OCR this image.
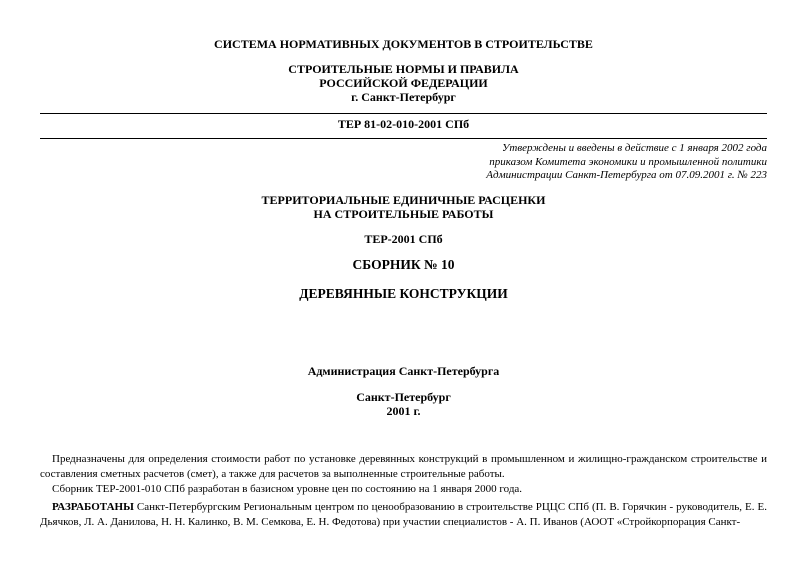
СИСТЕМА НОРМАТИВНЫХ ДОКУМЕНТОВ В СТРОИТЕЛЬСТВЕ
СТРОИТЕЛЬНЫЕ НОРМЫ И ПРАВИЛА
РОССИЙСКОЙ ФЕДЕРАЦИИ
г. Санкт-Петербург
ТЕР 81-02-010-2001 СПб
Утверждены и введены в действие с 1 января 2002 года
приказом Комитета экономики и промышленной политики
Администрации Санкт-Петербурга от 07.09.2001 г. № 223
ТЕРРИТОРИАЛЬНЫЕ ЕДИНИЧНЫЕ РАСЦЕНКИ
НА СТРОИТЕЛЬНЫЕ РАБОТЫ
ТЕР-2001 СПб
СБОРНИК № 10
ДЕРЕВЯННЫЕ КОНСТРУКЦИИ
Администрация Санкт-Петербурга
Санкт-Петербург
2001 г.
Предназначены для определения стоимости работ по установке деревянных конструкций в промышленном и жилищно-гражданском строительстве и составления сметных расчетов (смет), а также для расчетов за выполненные строительные работы.
Сборник ТЕР-2001-010 СПб разработан в базисном уровне цен по состоянию на 1 января 2000 года.
РАЗРАБОТАНЫ Санкт-Петербургским Региональным центром по ценообразованию в строительстве РЦЦС СПб (П. В. Горячкин - руководитель, Е. Е. Дьячков, Л. А. Данилова, Н. Н. Калинко, В. М. Семкова, Е. Н. Федотова) при участии специалистов - А. П. Иванов (АООТ «Стройкорпорация Санкт-
